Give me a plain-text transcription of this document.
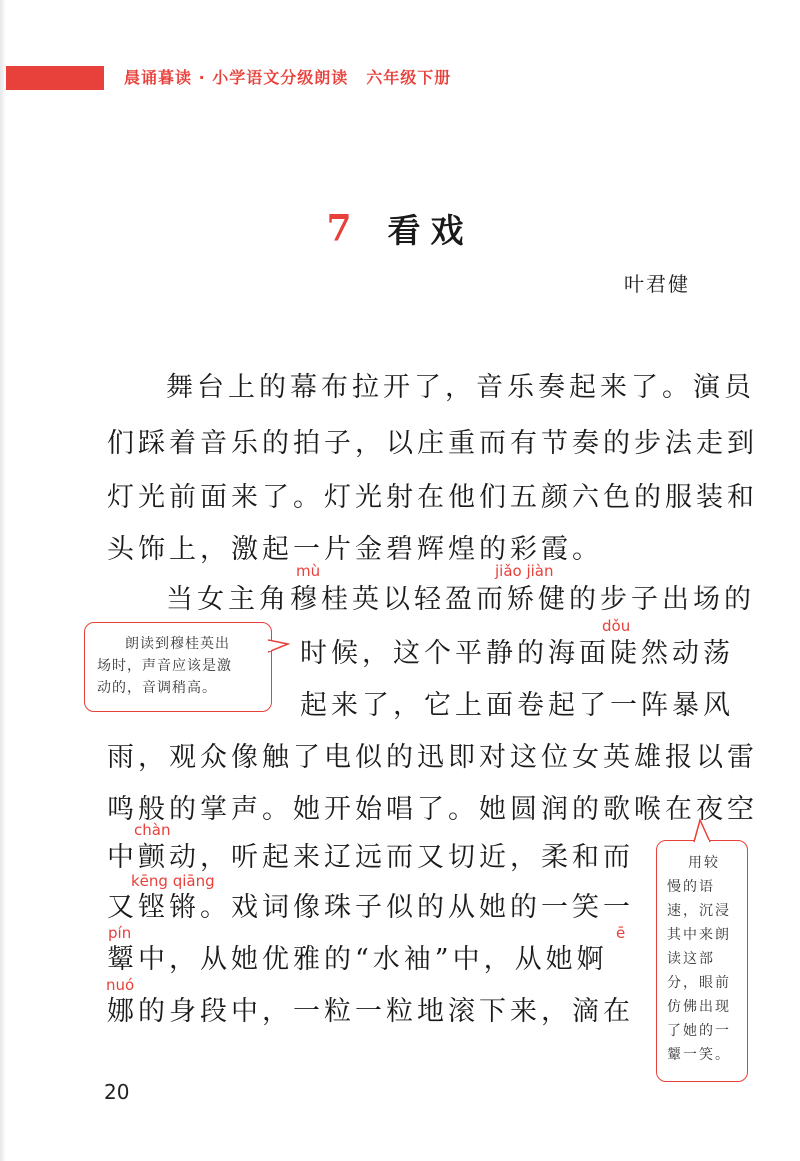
晨诵暮读 · 小学语文分级朗读 六年级下册
7 看戏
叶君健
舞台上的幕布拉开了，音乐奏起来了。演员
们踩着音乐的拍子，以庄重而有节奏的步法走到
灯光前面来了。灯光射在他们五颜六色的服装和
头饰上，激起一片金碧辉煌的彩霞。
mù	jiǎo jiàn
当女主角穆桂英以轻盈而矫健的步子出场的
dǒu
时候，这个平静的海面陡然动荡
起来了，它上面卷起了一阵暴风
雨，观众像触了电似的迅即对这位女英雄报以雷
鸣般的掌声。她开始唱了。她圆润的歌喉在夜空
chàn
中颤动，听起来辽远而又切近，柔和而
kēng qiāng
又铿锵。戏词像珠子似的从她的一笑一
pín	ē
颦中，从她优雅的“水袖”中，从她婀
nuó
娜的身段中，一粒一粒地滚下来，滴在
朗读到穆桂英出
场时，声音应该是激
动的，音调稍高。
用较
慢的语
速，沉浸
其中来朗
读这部
分，眼前
仿佛出现
了她的一
颦一笑。
20
